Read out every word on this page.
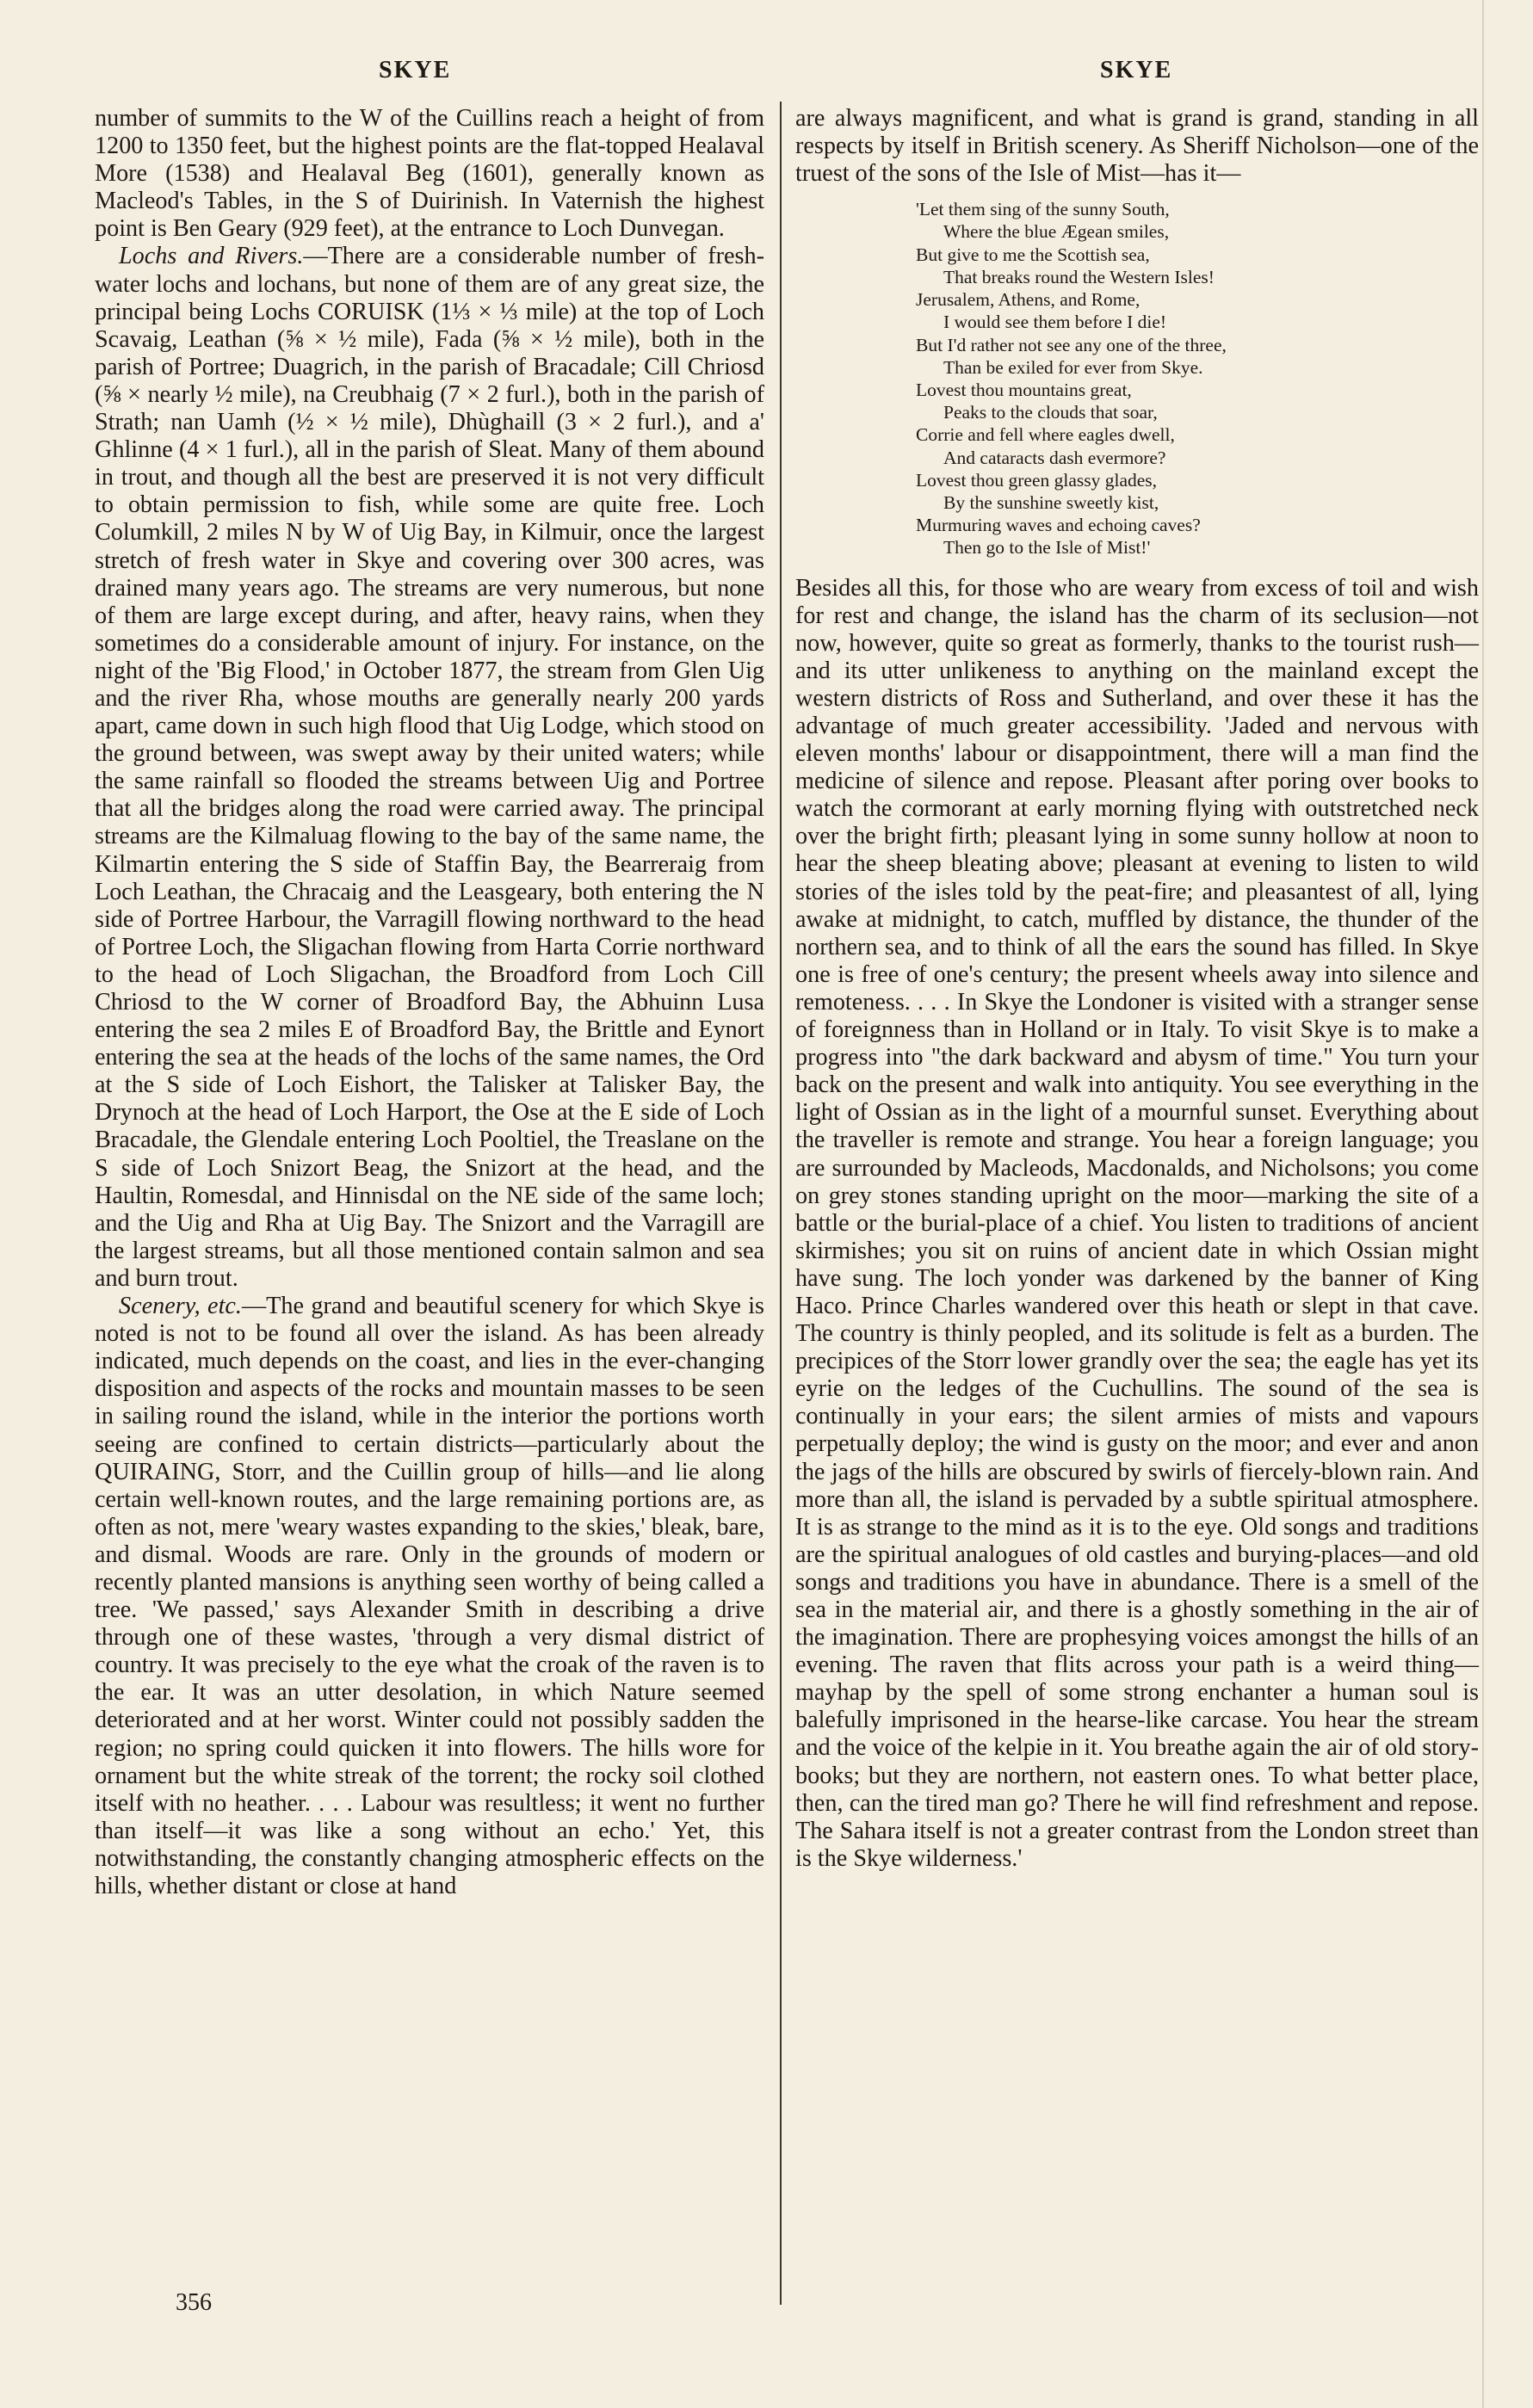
SKYE	SKYE

number of summits to the W of the Cuillins reach a height of from 1200 to 1350 feet, but the highest points are the flat-topped Healaval More (1538) and Healaval Beg (1601), generally known as Macleod's Tables, in the S of Duirinish. In Vaternish the highest point is Ben Geary (929 feet), at the entrance to Loch Dunvegan.

Lochs and Rivers.—There are a considerable number of fresh-water lochs and lochans, but none of them are of any great size, the principal being Lochs CORUISK (1⅓ × ⅓ mile) at the top of Loch Scavaig, Leathan (⅝ × ½ mile), Fada (⅝ × ½ mile), both in the parish of Portree; Duagrich, in the parish of Bracadale; Cill Chriosd (⅝ × nearly ½ mile), na Creubhaig (7 × 2 furl.), both in the parish of Strath; nan Uamh (½ × ½ mile), Dhùghaill (3 × 2 furl.), and a' Ghlinne (4 × 1 furl.), all in the parish of Sleat. Many of them abound in trout, and though all the best are preserved it is not very difficult to obtain permission to fish, while some are quite free. Loch Columkill, 2 miles N by W of Uig Bay, in Kilmuir, once the largest stretch of fresh water in Skye and covering over 300 acres, was drained many years ago. The streams are very numerous, but none of them are large except during, and after, heavy rains, when they sometimes do a considerable amount of injury. For instance, on the night of the 'Big Flood,' in October 1877, the stream from Glen Uig and the river Rha, whose mouths are generally nearly 200 yards apart, came down in such high flood that Uig Lodge, which stood on the ground between, was swept away by their united waters; while the same rainfall so flooded the streams between Uig and Portree that all the bridges along the road were carried away. The principal streams are the Kilmaluag flowing to the bay of the same name, the Kilmartin entering the S side of Staffin Bay, the Bearreraig from Loch Leathan, the Chracaig and the Leasgeary, both entering the N side of Portree Harbour, the Varragill flowing northward to the head of Portree Loch, the Sligachan flowing from Harta Corrie northward to the head of Loch Sligachan, the Broadford from Loch Cill Chriosd to the W corner of Broadford Bay, the Abhuinn Lusa entering the sea 2 miles E of Broadford Bay, the Brittle and Eynort entering the sea at the heads of the lochs of the same names, the Ord at the S side of Loch Eishort, the Talisker at Talisker Bay, the Drynoch at the head of Loch Harport, the Ose at the E side of Loch Bracadale, the Glendale entering Loch Pooltiel, the Treaslane on the S side of Loch Snizort Beag, the Snizort at the head, and the Haultin, Romesdal, and Hinnisdal on the NE side of the same loch; and the Uig and Rha at Uig Bay. The Snizort and the Varragill are the largest streams, but all those mentioned contain salmon and sea and burn trout.

Scenery, etc.—The grand and beautiful scenery for which Skye is noted is not to be found all over the island. As has been already indicated, much depends on the coast, and lies in the ever-changing disposition and aspects of the rocks and mountain masses to be seen in sailing round the island, while in the interior the portions worth seeing are confined to certain districts—particularly about the QUIRAING, Storr, and the Cuillin group of hills—and lie along certain well-known routes, and the large remaining portions are, as often as not, mere 'weary wastes expanding to the skies,' bleak, bare, and dismal. Woods are rare. Only in the grounds of modern or recently planted mansions is anything seen worthy of being called a tree. 'We passed,' says Alexander Smith in describing a drive through one of these wastes, 'through a very dismal district of country. It was precisely to the eye what the croak of the raven is to the ear. It was an utter desolation, in which Nature seemed deteriorated and at her worst. Winter could not possibly sadden the region; no spring could quicken it into flowers. The hills wore for ornament but the white streak of the torrent; the rocky soil clothed itself with no heather. . . . Labour was resultless; it went no further than itself—it was like a song without an echo.' Yet, this notwithstanding, the constantly changing atmospheric effects on the hills, whether distant or close at hand

are always magnificent, and what is grand is grand, standing in all respects by itself in British scenery. As Sheriff Nicholson—one of the truest of the sons of the Isle of Mist—has it—

'Let them sing of the sunny South,
Where the blue Ægean smiles,
But give to me the Scottish sea,
That breaks round the Western Isles!
Jerusalem, Athens, and Rome,
I would see them before I die!
But I'd rather not see any one of the three,
Than be exiled for ever from Skye.
Lovest thou mountains great,
Peaks to the clouds that soar,
Corrie and fell where eagles dwell,
And cataracts dash evermore?
Lovest thou green glassy glades,
By the sunshine sweetly kist,
Murmuring waves and echoing caves?
Then go to the Isle of Mist!'

Besides all this, for those who are weary from excess of toil and wish for rest and change, the island has the charm of its seclusion—not now, however, quite so great as formerly, thanks to the tourist rush—and its utter unlikeness to anything on the mainland except the western districts of Ross and Sutherland, and over these it has the advantage of much greater accessibility. 'Jaded and nervous with eleven months' labour or disappointment, there will a man find the medicine of silence and repose. Pleasant after poring over books to watch the cormorant at early morning flying with outstretched neck over the bright firth; pleasant lying in some sunny hollow at noon to hear the sheep bleating above; pleasant at evening to listen to wild stories of the isles told by the peat-fire; and pleasantest of all, lying awake at midnight, to catch, muffled by distance, the thunder of the northern sea, and to think of all the ears the sound has filled. In Skye one is free of one's century; the present wheels away into silence and remoteness. . . . In Skye the Londoner is visited with a stranger sense of foreignness than in Holland or in Italy. To visit Skye is to make a progress into "the dark backward and abysm of time." You turn your back on the present and walk into antiquity. You see everything in the light of Ossian as in the light of a mournful sunset. Everything about the traveller is remote and strange. You hear a foreign language; you are surrounded by Macleods, Macdonalds, and Nicholsons; you come on grey stones standing upright on the moor—marking the site of a battle or the burial-place of a chief. You listen to traditions of ancient skirmishes; you sit on ruins of ancient date in which Ossian might have sung. The loch yonder was darkened by the banner of King Haco. Prince Charles wandered over this heath or slept in that cave. The country is thinly peopled, and its solitude is felt as a burden. The precipices of the Storr lower grandly over the sea; the eagle has yet its eyrie on the ledges of the Cuchullins. The sound of the sea is continually in your ears; the silent armies of mists and vapours perpetually deploy; the wind is gusty on the moor; and ever and anon the jags of the hills are obscured by swirls of fiercely-blown rain. And more than all, the island is pervaded by a subtle spiritual atmosphere. It is as strange to the mind as it is to the eye. Old songs and traditions are the spiritual analogues of old castles and burying-places—and old songs and traditions you have in abundance. There is a smell of the sea in the material air, and there is a ghostly something in the air of the imagination. There are prophesying voices amongst the hills of an evening. The raven that flits across your path is a weird thing—mayhap by the spell of some strong enchanter a human soul is balefully imprisoned in the hearse-like carcase. You hear the stream and the voice of the kelpie in it. You breathe again the air of old story-books; but they are northern, not eastern ones. To what better place, then, can the tired man go? There he will find refreshment and repose. The Sahara itself is not a greater contrast from the London street than is the Skye wilderness.'

356
